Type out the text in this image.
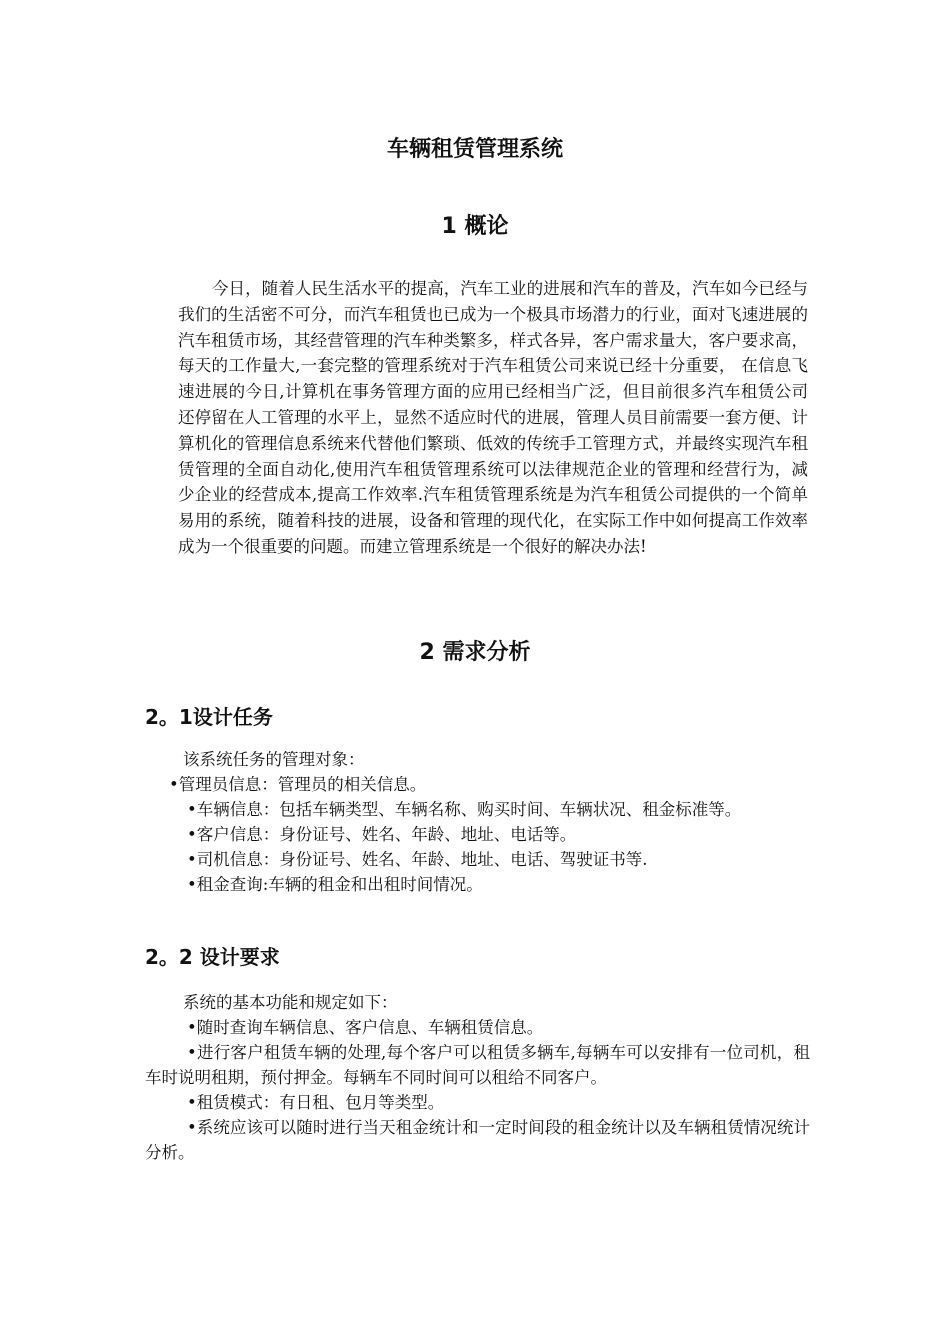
车辆租赁管理系统
1 概论

今日，随着人民生活水平的提高，汽车工业的进展和汽车的普及，汽车如今已经与我们的生活密不可分，而汽车租赁也已成为一个极具市场潜力的行业，面对飞速进展的汽车租赁市场，其经营管理的汽车种类繁多，样式各异，客户需求量大，客户要求高，每天的工作量大,一套完整的管理系统对于汽车租赁公司来说已经十分重要， 在信息飞速进展的今日,计算机在事务管理方面的应用已经相当广泛，但目前很多汽车租赁公司还停留在人工管理的水平上，显然不适应时代的进展，管理人员目前需要一套方便、计算机化的管理信息系统来代替他们繁琐、低效的传统手工管理方式，并最终实现汽车租赁管理的全面自动化,使用汽车租赁管理系统可以法律规范企业的管理和经营行为，减少企业的经营成本,提高工作效率.汽车租赁管理系统是为汽车租赁公司提供的一个简单易用的系统，随着科技的进展，设备和管理的现代化，在实际工作中如何提高工作效率成为一个很重要的问题。而建立管理系统是一个很好的解决办法!

2 需求分析
2。1设计任务

该系统任务的管理对象：

•管理员信息：管理员的相关信息。

•车辆信息：包括车辆类型、车辆名称、购买时间、车辆状况、租金标准等。

•客户信息：身份证号、姓名、年龄、地址、电话等。

•司机信息：身份证号、姓名、年龄、地址、电话、驾驶证书等.

•租金查询:车辆的租金和出租时间情况。

2。2 设计要求

系统的基本功能和规定如下：

•随时查询车辆信息、客户信息、车辆租赁信息。

•进行客户租赁车辆的处理,每个客户可以租赁多辆车,每辆车可以安排有一位司机，租车时说明租期，预付押金。每辆车不同时间可以租给不同客户。

•租赁模式：有日租、包月等类型。

•系统应该可以随时进行当天租金统计和一定时间段的租金统计以及车辆租赁情况统计分析。
